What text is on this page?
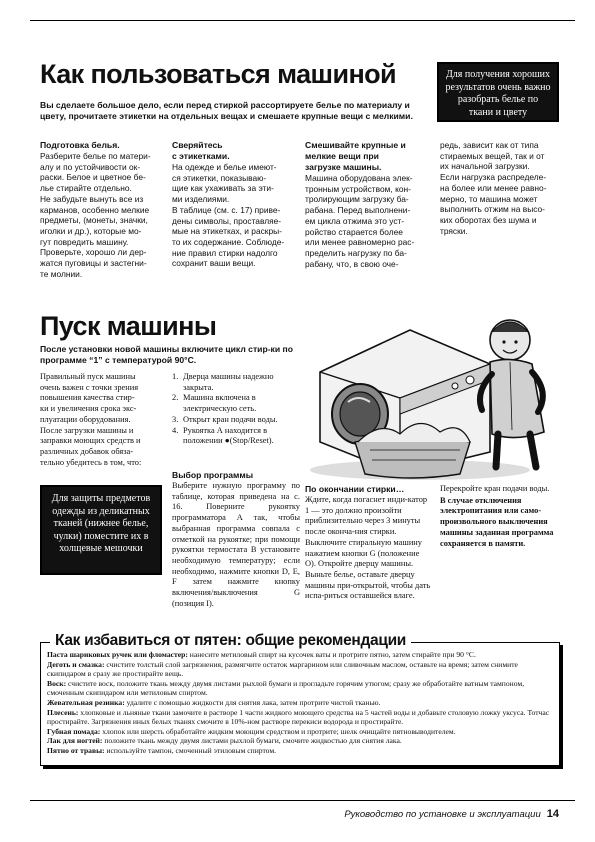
Как пользоваться машиной	Для получения хороших результатов очень важно разобрать белье по ткани и цвету
Вы сделаете большое дело, если перед стиркой рассортируете белье по материалу и цвету, прочитаете этикетки на отдельных вещах и смешаете крупные вещи с мелкими.
Подготовка белья.

Разберите белье по матери-
алу и по устойчивости ок-
раски. Белое и цветное бе-
лье стирайте отдельно.
Не забудьте вынуть все из
карманов, особенно мелкие
предметы, (монеты, значки,
иголки и др.), которые мо-
гут повредить машину.
Проверьте, хорошо ли дер-
жатся пуговицы и застегни-
те молнии.

Сверяйтесь
с этикетками.

На одежде и белье имеют-
ся этикетки, показываю-
щие как ухаживать за эти-
ми изделиями.
В таблице (см. с. 17) приве-
дены символы, проставляе-
мые на этикетках, и раскры-
то их содержание. Соблюде-
ние правил стирки надолго
сохранит ваши вещи.

Смешивайте крупные и
мелкие вещи при
загрузке машины.

Машина оборудована элек-
тронным устройством, кон-
тролирующим загрузку ба-
рабана. Перед выполнени-
ем цикла отжима это уст-
ройство старается более
или менее равномерно рас-
пределить нагрузку по ба-
рабану, что, в свою оче-

редь, зависит как от типа
стираемых вещей, так и от
их начальной загрузки.
Если нагрузка распределе-
на более или менее равно-
мерно, то машина может
выполнить отжим на высо-
ких оборотах без шума и
тряски.

Пуск машины
После установки новой машины включите цикл стир-ки по программе “1” с температурой 90°С.

Правильный пуск машины
очень важен с точки зрения
повышения качества стир-
ки и увеличения срока экс-
плуатации оборудования.
После загрузки машины и
заправки моющих средств и
различных добавок обяза-
тельно убедитесь в том, что:

1. Дверца машины надежно закрыта.
2. Машина включена в электрическую сеть.
3. Открыт кран подачи воды.
4. Рукоятка А находится в положении ●(Stop/Reset).
Для защиты предметов одежды из деликатных тканей (нижнее белье, чулки) поместите их в холщевые мешочки
Выбор программы

Выберите нужную программу по таблице, которая приведена на с. 16. Поверните рукоятку программатора А так, чтобы выбранная программа совпала с отметкой на рукоятке; при помощи рукоятки термостата В установите необходимую температуру; если необходимо, нажмите кнопки D, E, F затем нажмите кнопку включения/выключения G (позиция I).

По окончании стирки…

Ждите, когда погаснет инди-катор 1 — это должно произойти приблизительно через 3 минуты после оконча-ния стирки.
Выключите стиральную машину нажатием кнопки G (положение O). Откройте дверцу машины. Выньте белье, оставьте дверцу машины при-открытой, чтобы дать испа-риться оставшейся влаге.

Перекройте кран подачи воды.

В случае отключения электропитания или само-произвольного выключения машины заданная программа сохраняется в памяти.

Паста шариковых ручек или фломастер: нанесите метиловый спирт на кусочек ваты и протрите пятно, затем стирайте при 90 °С.

Деготь и смазка: счистите толстый слой загрязнения, размягчите остаток маргарином или сливочным маслом, оставьте на время; затем снимите скипидаром в сразу же простирайте вещь.

Воск: счистите воск, положите ткань между двумя листами рыхлой бумаги и прогладьте горячим утюгом; сразу же обработайте ватным тампоном, смоченным скипидаром или метиловым спиртом.

Жевательная резинка: удалите с помощью жидкости для снятия лака, затем протрите чистой тканью.

Плесень: хлопковые и льняные ткани замочите в растворе 1 части жидкого моющего средства на 5 частей воды и добавьте столовую ложку уксуса. Тотчас простирайте. Загрязнения иных белых тканях смочите в 10%-ном растворе перекиси водорода и простирайте.

Губная помада: хлопок или шерсть обработайте жидким моющим средством и протрите; шелк очищайте пятновыводителем.

Лак для ногтей: положите ткань между двумя листами рыхлой бумаги, смочите жидкостью для снятия лака.

Пятно от травы: используйте тампон, смоченный этиловым спиртом.

Как избавиться от пятен: общие рекомендации
Руководство по установке и эксплуатации 14
